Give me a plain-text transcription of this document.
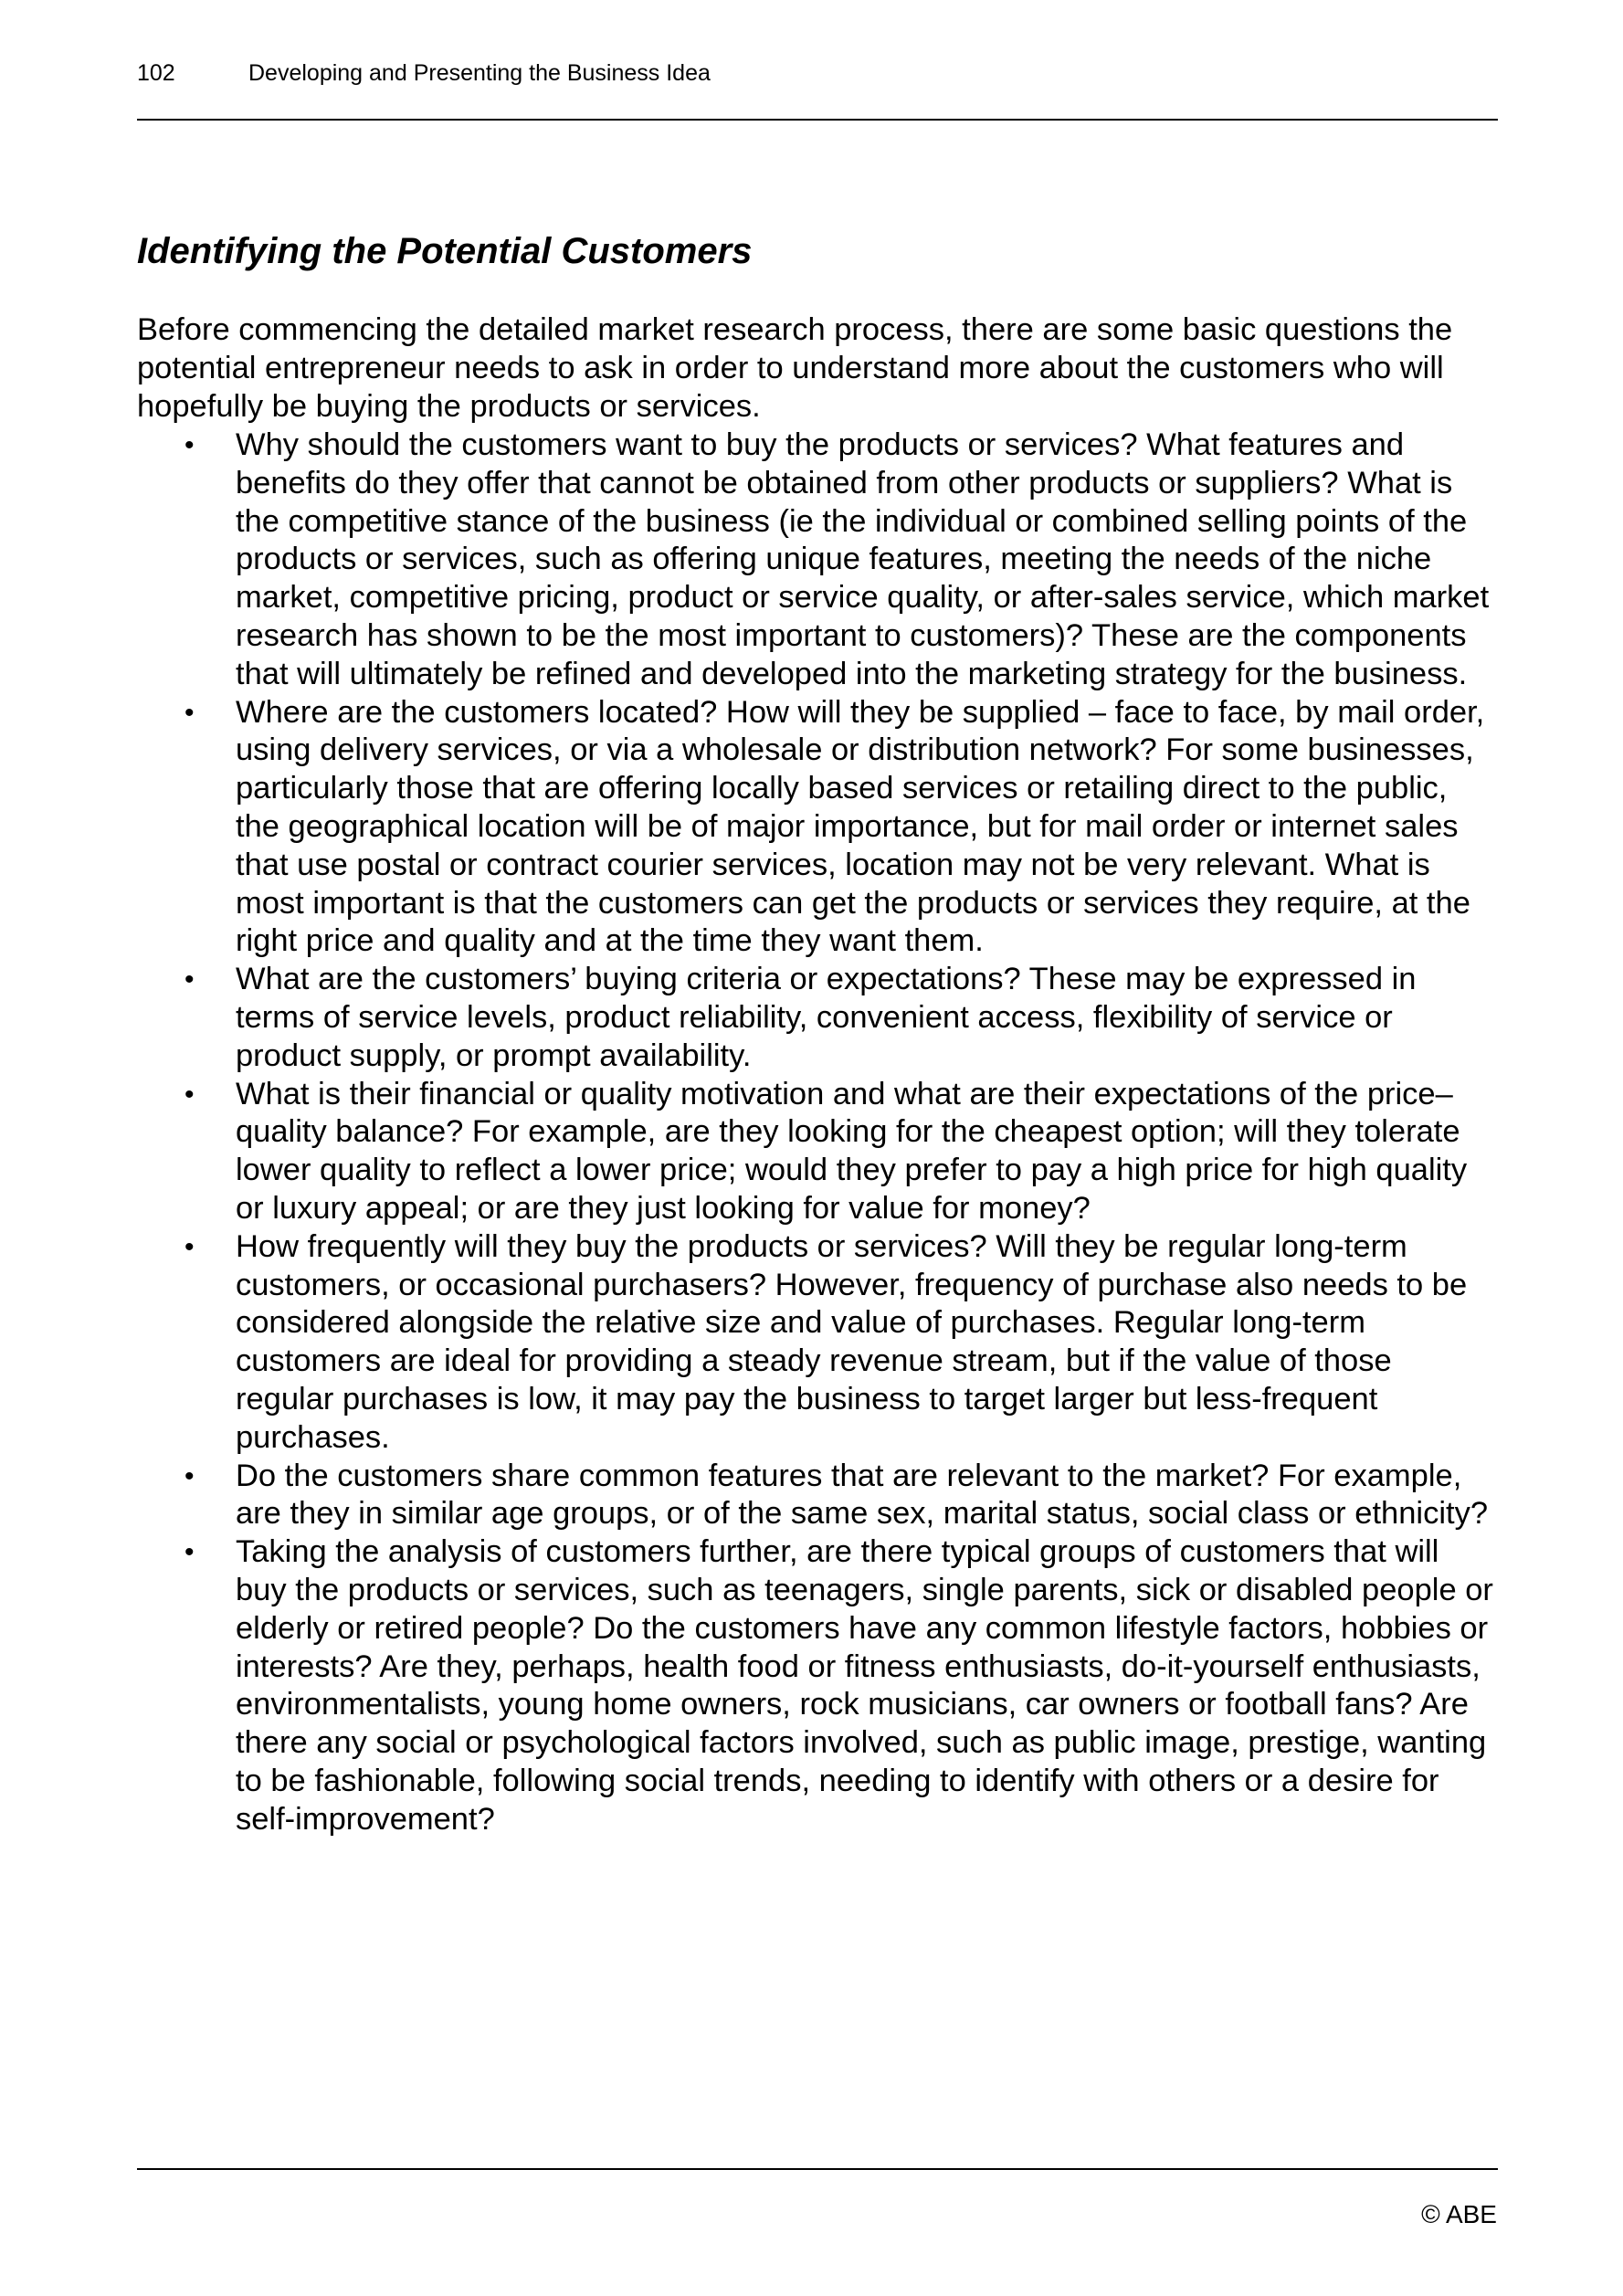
102	Developing and Presenting the Business Idea
Identifying the Potential Customers

Before commencing the detailed market research process, there are some basic questions the potential entrepreneur needs to ask in order to understand more about the customers who will hopefully be buying the products or services.

• Why should the customers want to buy the products or services? What features and benefits do they offer that cannot be obtained from other products or suppliers? What is the competitive stance of the business (ie the individual or combined selling points of the products or services, such as offering unique features, meeting the needs of the niche market, competitive pricing, product or service quality, or after-sales service, which market research has shown to be the most important to customers)? These are the components that will ultimately be refined and developed into the marketing strategy for the business.
• Where are the customers located? How will they be supplied – face to face, by mail order, using delivery services, or via a wholesale or distribution network? For some businesses, particularly those that are offering locally based services or retailing direct to the public, the geographical location will be of major importance, but for mail order or internet sales that use postal or contract courier services, location may not be very relevant. What is most important is that the customers can get the products or services they require, at the right price and quality and at the time they want them.
• What are the customers’ buying criteria or expectations? These may be expressed in terms of service levels, product reliability, convenient access, flexibility of service or product supply, or prompt availability.
• What is their financial or quality motivation and what are their expectations of the price–quality balance? For example, are they looking for the cheapest option; will they tolerate lower quality to reflect a lower price; would they prefer to pay a high price for high quality or luxury appeal; or are they just looking for value for money?
• How frequently will they buy the products or services? Will they be regular long-term customers, or occasional purchasers? However, frequency of purchase also needs to be considered alongside the relative size and value of purchases. Regular long-term customers are ideal for providing a steady revenue stream, but if the value of those regular purchases is low, it may pay the business to target larger but less-frequent purchases.
• Do the customers share common features that are relevant to the market? For example, are they in similar age groups, or of the same sex, marital status, social class or ethnicity?
• Taking the analysis of customers further, are there typical groups of customers that will buy the products or services, such as teenagers, single parents, sick or disabled people or elderly or retired people? Do the customers have any common lifestyle factors, hobbies or interests? Are they, perhaps, health food or fitness enthusiasts, do-it-yourself enthusiasts, environmentalists, young home owners, rock musicians, car owners or football fans? Are there any social or psychological factors involved, such as public image, prestige, wanting to be fashionable, following social trends, needing to identify with others or a desire for self-improvement?
© ABE
